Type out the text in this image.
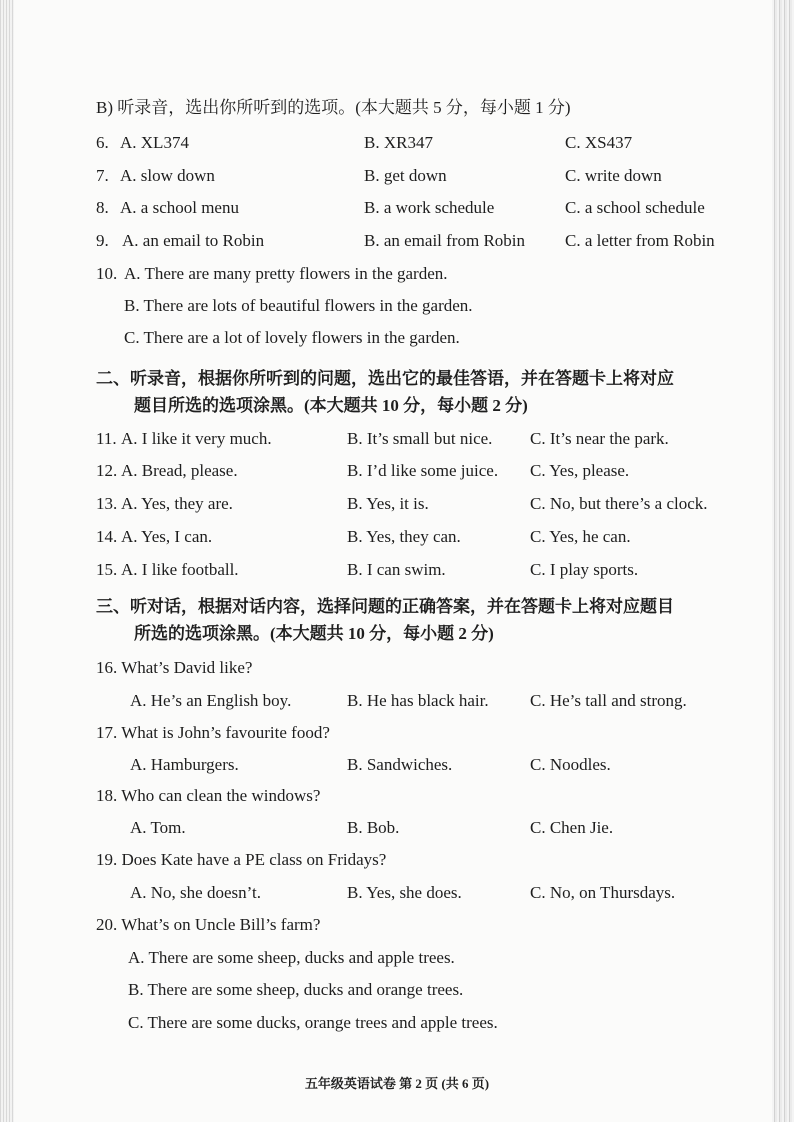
B) 听录音，选出你所听到的选项。(本大题共 5 分，每小题 1 分)
6. A. XL374	B. XR347	C. XS437
7. A. slow down	B. get down	C. write down
8. A. a school menu	B. a work schedule	C. a school schedule
9. A. an email to Robin	B. an email from Robin C. a letter from Robin
10. A. There are many pretty flowers in the garden.
B. There are lots of beautiful flowers in the garden.
C. There are a lot of lovely flowers in the garden.
二、听录音，根据你所听到的问题，选出它的最佳答语，并在答题卡上将对应
题目所选的选项涂黑。(本大题共 10 分，每小题 2 分)
11. A. I like it very much.	B. It’s small but nice. C. It’s near the park.
12. A. Bread, please.	B. I’d like some juice. C. Yes, please.
13. A. Yes, they are.	B. Yes, it is.	C. No, but there’s a clock.
14. A. Yes, I can.	B. Yes, they can.	C. Yes, he can.
15. A. I like football.	B. I can swim.	C. I play sports.
三、听对话，根据对话内容，选择问题的正确答案，并在答题卡上将对应题目
所选的选项涂黑。(本大题共 10 分，每小题 2 分)
16. What’s David like?
A. He’s an English boy.	B. He has black hair. C. He’s tall and strong.
17. What is John’s favourite food?
A. Hamburgers.	B. Sandwiches.	C. Noodles.
18. Who can clean the windows?
A. Tom.	B. Bob.	C. Chen Jie.
19. Does Kate have a PE class on Fridays?
A. No, she doesn’t.	B. Yes, she does.	C. No, on Thursdays.
20. What’s on Uncle Bill’s farm?
A. There are some sheep, ducks and apple trees.
B. There are some sheep, ducks and orange trees.
C. There are some ducks, orange trees and apple trees.
五年级英语试卷 第 2 页 (共 6 页)
